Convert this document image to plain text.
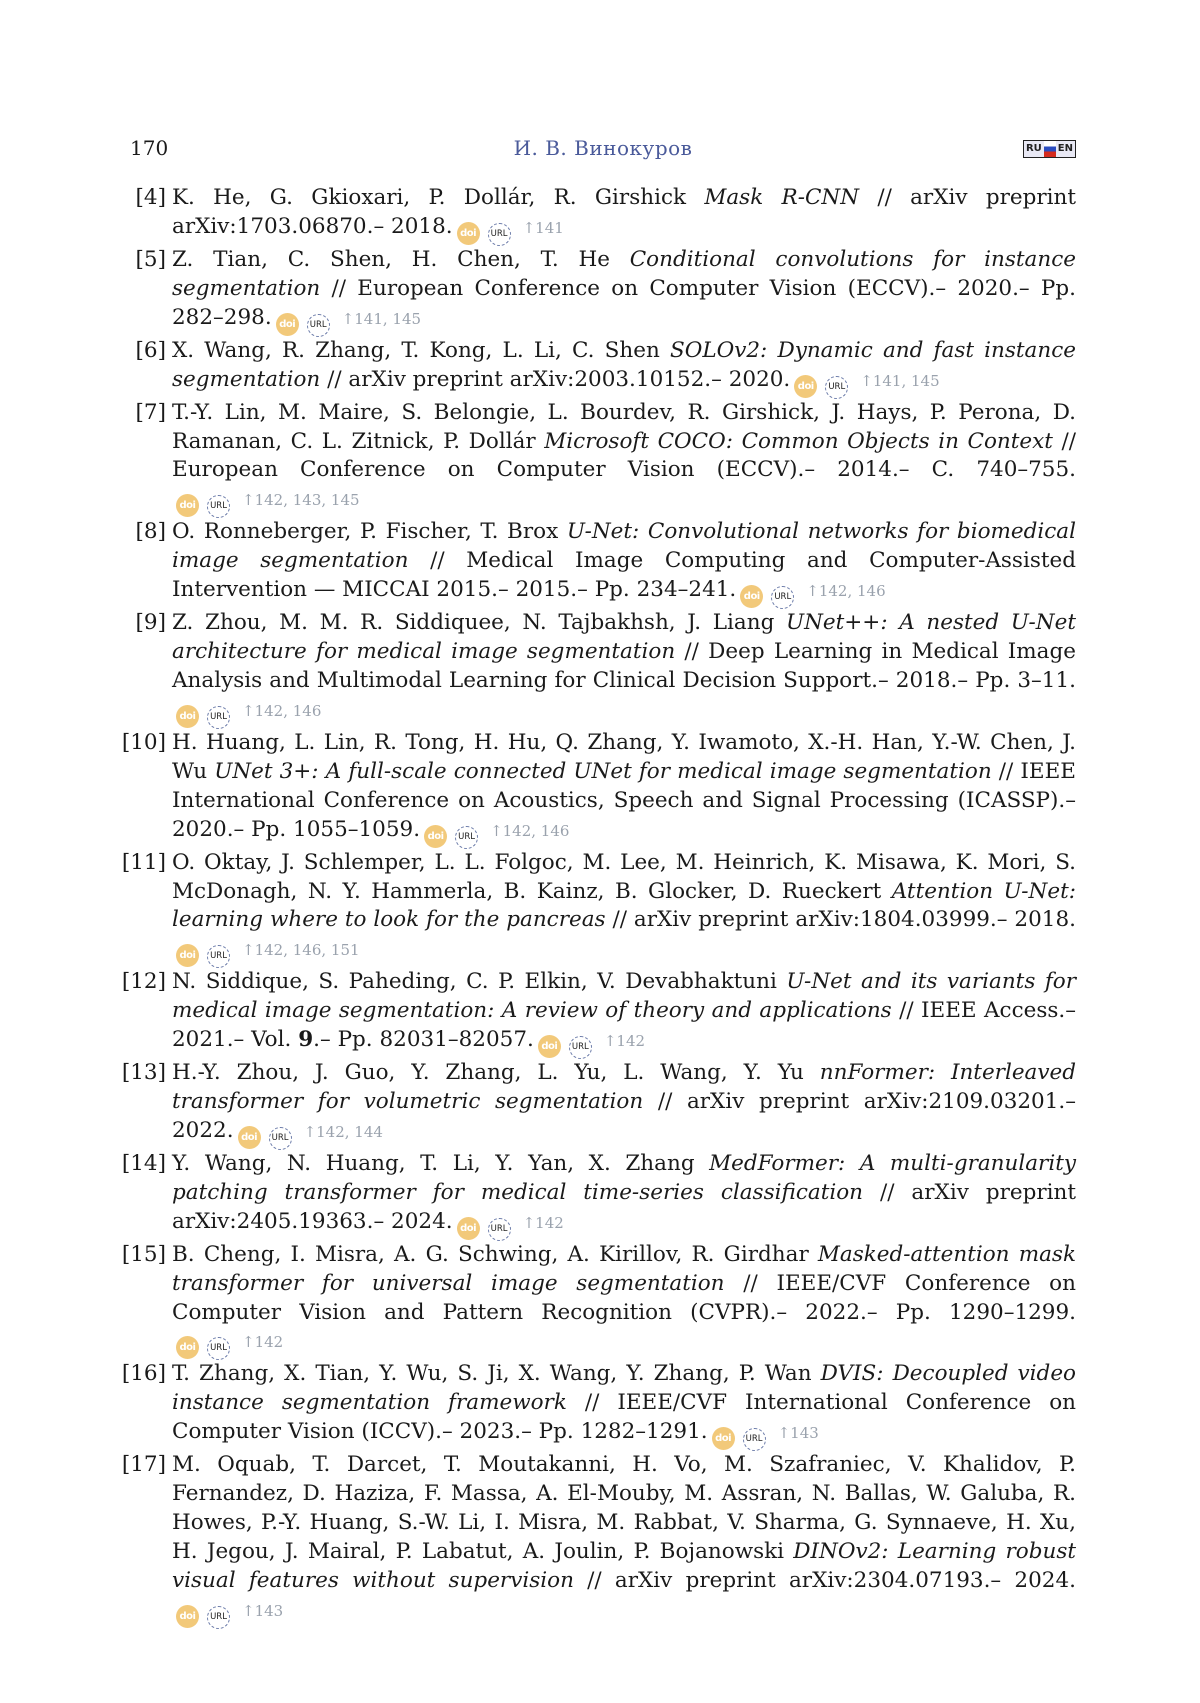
170	И. В. Винокуров	RU EN
[4] K. He, G. Gkioxari, P. Dollár, R. Girshick Mask R-CNN // arXiv preprint arXiv:1703.06870.– 2018. doi URL ↑141
[5] Z. Tian, C. Shen, H. Chen, T. He Conditional convolutions for instance segmentation // European Conference on Computer Vision (ECCV).– 2020.– Pp. 282–298. doi URL ↑141, 145
[6] X. Wang, R. Zhang, T. Kong, L. Li, C. Shen SOLOv2: Dynamic and fast instance segmentation // arXiv preprint arXiv:2003.10152.– 2020. doi URL ↑141, 145
[7] T.-Y. Lin, M. Maire, S. Belongie, L. Bourdev, R. Girshick, J. Hays, P. Perona, D. Ramanan, C. L. Zitnick, P. Dollár Microsoft COCO: Common Objects in Context // European Conference on Computer Vision (ECCV).– 2014.– C. 740–755.doi URL ↑142, 143, 145
[8] O. Ronneberger, P. Fischer, T. Brox U-Net: Convolutional networks for biomedical image segmentation // Medical Image Computing and Computer-Assisted Intervention — MICCAI 2015.– 2015.– Pp. 234–241. doi URL ↑142, 146
[9] Z. Zhou, M. M. R. Siddiquee, N. Tajbakhsh, J. Liang UNet++: A nested U-Net architecture for medical image segmentation // Deep Learning in Medical Image Analysis and Multimodal Learning for Clinical Decision Support.– 2018.– Pp. 3–11.doi URL ↑142, 146
[10] H. Huang, L. Lin, R. Tong, H. Hu, Q. Zhang, Y. Iwamoto, X.-H. Han, Y.-W. Chen, J. Wu UNet 3+: A full-scale connected UNet for medical image segmentation // IEEE International Conference on Acoustics, Speech and Signal Processing (ICASSP).– 2020.– Pp. 1055–1059. doi URL ↑142, 146
[11] O. Oktay, J. Schlemper, L. L. Folgoc, M. Lee, M. Heinrich, K. Misawa, K. Mori, S. McDonagh, N. Y. Hammerla, B. Kainz, B. Glocker, D. Rueckert Attention U-Net: learning where to look for the pancreas // arXiv preprint arXiv:1804.03999.– 2018.doi URL ↑142, 146, 151
[12] N. Siddique, S. Paheding, C. P. Elkin, V. Devabhaktuni U-Net and its variants for medical image segmentation: A review of theory and applications // IEEE Access.– 2021.– Vol. 9.– Pp. 82031–82057. doi URL ↑142
[13] H.-Y. Zhou, J. Guo, Y. Zhang, L. Yu, L. Wang, Y. Yu nnFormer: Interleaved transformer for volumetric segmentation // arXiv preprint arXiv:2109.03201.– 2022. doi URL ↑142, 144
[14] Y. Wang, N. Huang, T. Li, Y. Yan, X. Zhang MedFormer: A multi-granularity patching transformer for medical time-series classification // arXiv preprint arXiv:2405.19363.– 2024. doi URL ↑142
[15] B. Cheng, I. Misra, A. G. Schwing, A. Kirillov, R. Girdhar Masked-attention mask transformer for universal image segmentation // IEEE/CVF Conference on Computer Vision and Pattern Recognition (CVPR).– 2022.– Pp. 1290–1299.doi URL ↑142
[16] T. Zhang, X. Tian, Y. Wu, S. Ji, X. Wang, Y. Zhang, P. Wan DVIS: Decoupled video instance segmentation framework // IEEE/CVF International Conference on Computer Vision (ICCV).– 2023.– Pp. 1282–1291. doi URL ↑143
[17] M. Oquab, T. Darcet, T. Moutakanni, H. Vo, M. Szafraniec, V. Khalidov, P. Fernandez, D. Haziza, F. Massa, A. El-Mouby, M. Assran, N. Ballas, W. Galuba, R. Howes, P.-Y. Huang, S.-W. Li, I. Misra, M. Rabbat, V. Sharma, G. Synnaeve, H. Xu, H. Jegou, J. Mairal, P. Labatut, A. Joulin, P. Bojanowski DINOv2: Learning robust visual features without supervision // arXiv preprint arXiv:2304.07193.– 2024.doi URL ↑143
